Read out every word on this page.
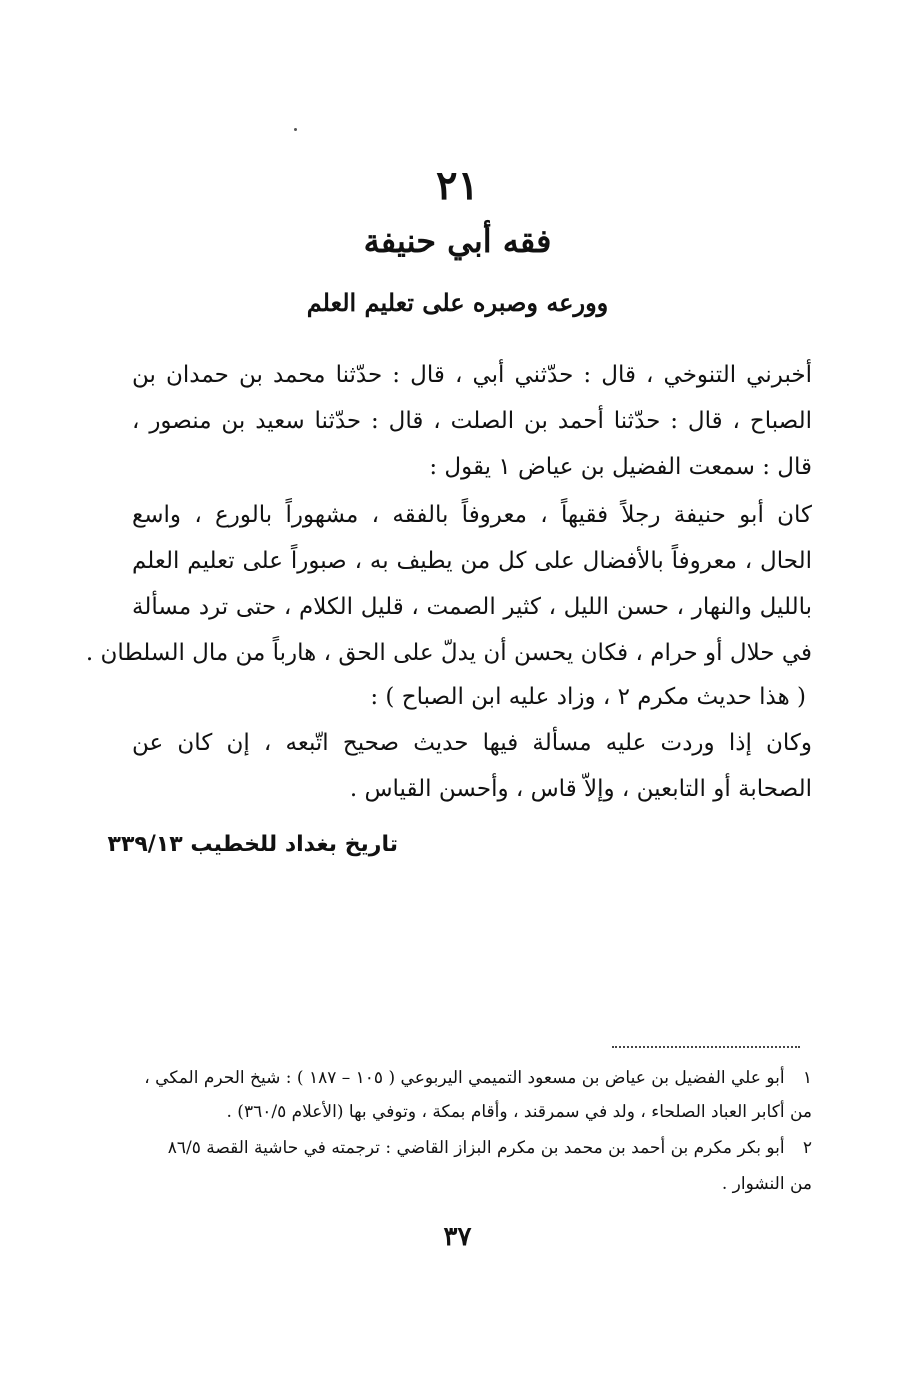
٢١
فقه أبي حنيفة
وورعه وصبره على تعليم العلم
أخبرني التنوخي ، قال : حدّثني أبي ، قال : حدّثنا محمد بن حمدان بن
الصباح ، قال : حدّثنا أحمد بن الصلت ، قال : حدّثنا سعيد بن منصور ،
قال : سمعت الفضيل بن عياض ١ يقول :
كان أبو حنيفة رجلاً فقيهاً ، معروفاً بالفقه ، مشهوراً بالورع ، واسع
الحال ، معروفاً بالأفضال على كل من يطيف به ، صبوراً على تعليم العلم
بالليل والنهار ، حسن الليل ، كثير الصمت ، قليل الكلام ، حتى ترد مسألة
في حلال أو حرام ، فكان يحسن أن يدلّ على الحق ، هارباً من مال السلطان .
( هذا حديث مكرم ٢ ، وزاد عليه ابن الصباح ) :
وكان إذا وردت عليه مسألة فيها حديث صحيح اتّبعه ، إن كان عن
الصحابة أو التابعين ، وإلاّ قاس ، وأحسن القياس .
تاريخ بغداد للخطيب ٣٣٩/١٣
١ أبو علي الفضيل بن عياض بن مسعود التميمي اليربوعي ( ١٠٥ – ١٨٧ ) : شيخ الحرم المكي ،
من أكابر العباد الصلحاء ، ولد في سمرقند ، وأقام بمكة ، وتوفي بها (الأعلام ٣٦٠/٥) .
٢ أبو بكر مكرم بن أحمد بن محمد بن مكرم البزاز القاضي : ترجمته في حاشية القصة ٨٦/٥
من النشوار .
٣٧
